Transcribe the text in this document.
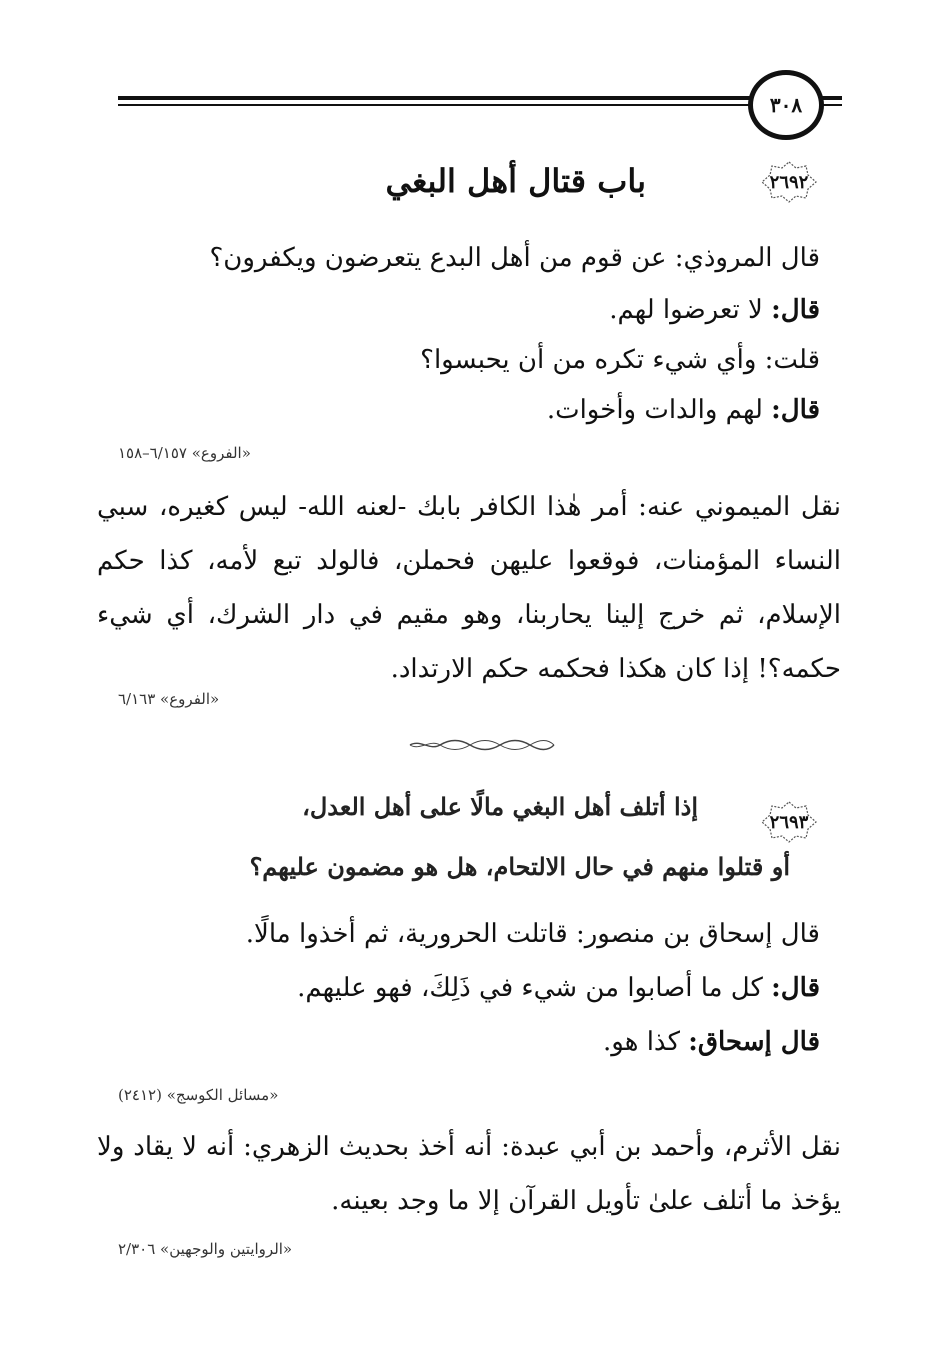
٣٠٨
٢٦٩٢
باب قتال أهل البغي
قال المروذي: عن قوم من أهل البدع يتعرضون ويكفرون؟
قال: لا تعرضوا لهم.
قلت: وأي شيء تكره من أن يحبسوا؟
قال: لهم والدات وأخوات.
«الفروع» ٦/١٥٧–١٥٨
نقل الميموني عنه: أمر هٰذا الكافر بابك -لعنه الله- ليس كغيره، سبي النساء المؤمنات، فوقعوا عليهن فحملن، فالولد تبع لأمه، كذا حكم الإسلام، ثم خرج إلينا يحاربنا، وهو مقيم في دار الشرك، أي شيء حكمه؟! إذا كان هكذا فحكمه حكم الارتداد.
«الفروع» ٦/١٦٣
٢٦٩٣
إذا أتلف أهل البغي مالًا على أهل العدل،
أو قتلوا منهم في حال الالتحام، هل هو مضمون عليهم؟
قال إسحاق بن منصور: قاتلت الحرورية، ثم أخذوا مالًا.
قال: كل ما أصابوا من شيء في ذَلِكَ، فهو عليهم.
قال إسحاق: كذا هو.
«مسائل الكوسج» (٢٤١٢)
نقل الأثرم، وأحمد بن أبي عبدة: أنه أخذ بحديث الزهري: أنه لا يقاد ولا يؤخذ ما أتلف علىٰ تأويل القرآن إلا ما وجد بعينه.
«الروايتين والوجهين» ٢/٣٠٦
